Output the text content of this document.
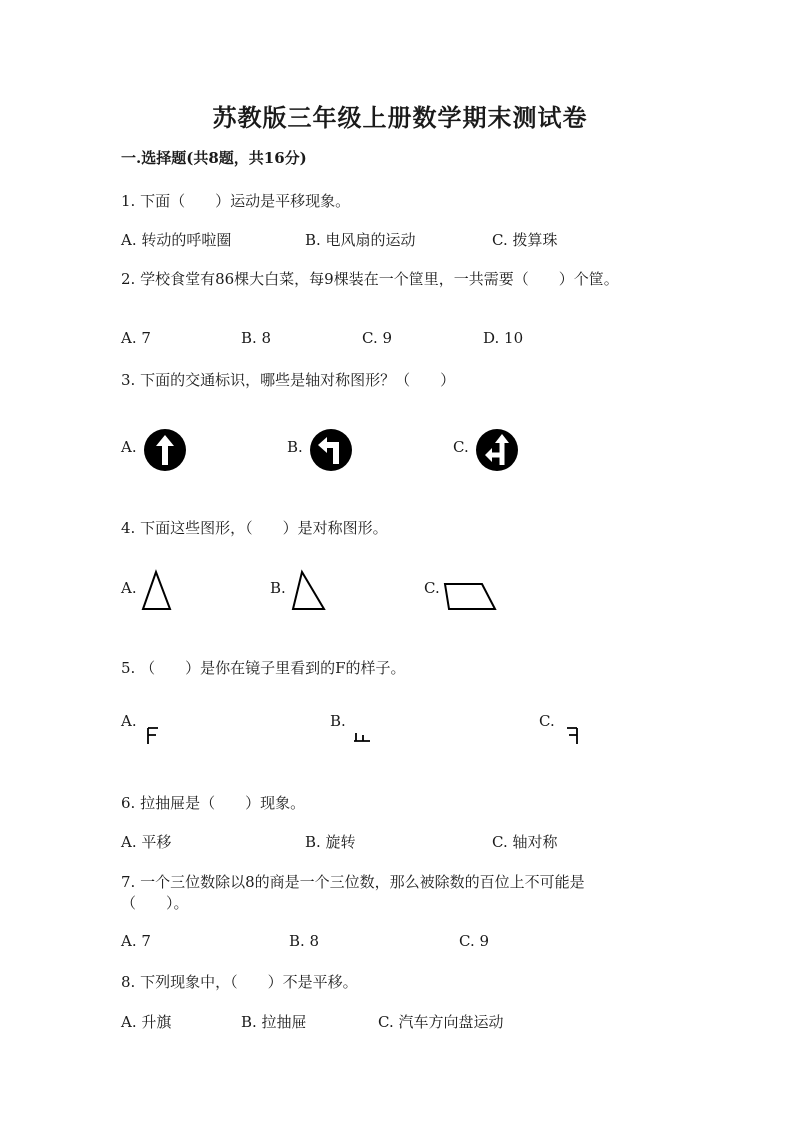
苏教版三年级上册数学期末测试卷
一.选择题(共8题，共16分)
1. 下面（　　）运动是平移现象。
A. 转动的呼啦圈	B. 电风扇的运动	C. 拨算珠
2. 学校食堂有86棵大白菜，每9棵装在一个筐里，一共需要（　　）个筐。
A. 7	B. 8	C. 9	D. 10
3. 下面的交通标识，哪些是轴对称图形？（　　）
A.	B.	C.
4. 下面这些图形，（　　）是对称图形。
A.	B.	C.
5. （　　）是你在镜子里看到的F的样子。
A.	B.	C.
6. 拉抽屉是（　　）现象。
A. 平移	B. 旋转	C. 轴对称
7. 一个三位数除以8的商是一个三位数，那么被除数的百位上不可能是
（　　）。
A. 7	B. 8	C. 9
8. 下列现象中，（　　）不是平移。
A. 升旗	B. 拉抽屉	C. 汽车方向盘运动
